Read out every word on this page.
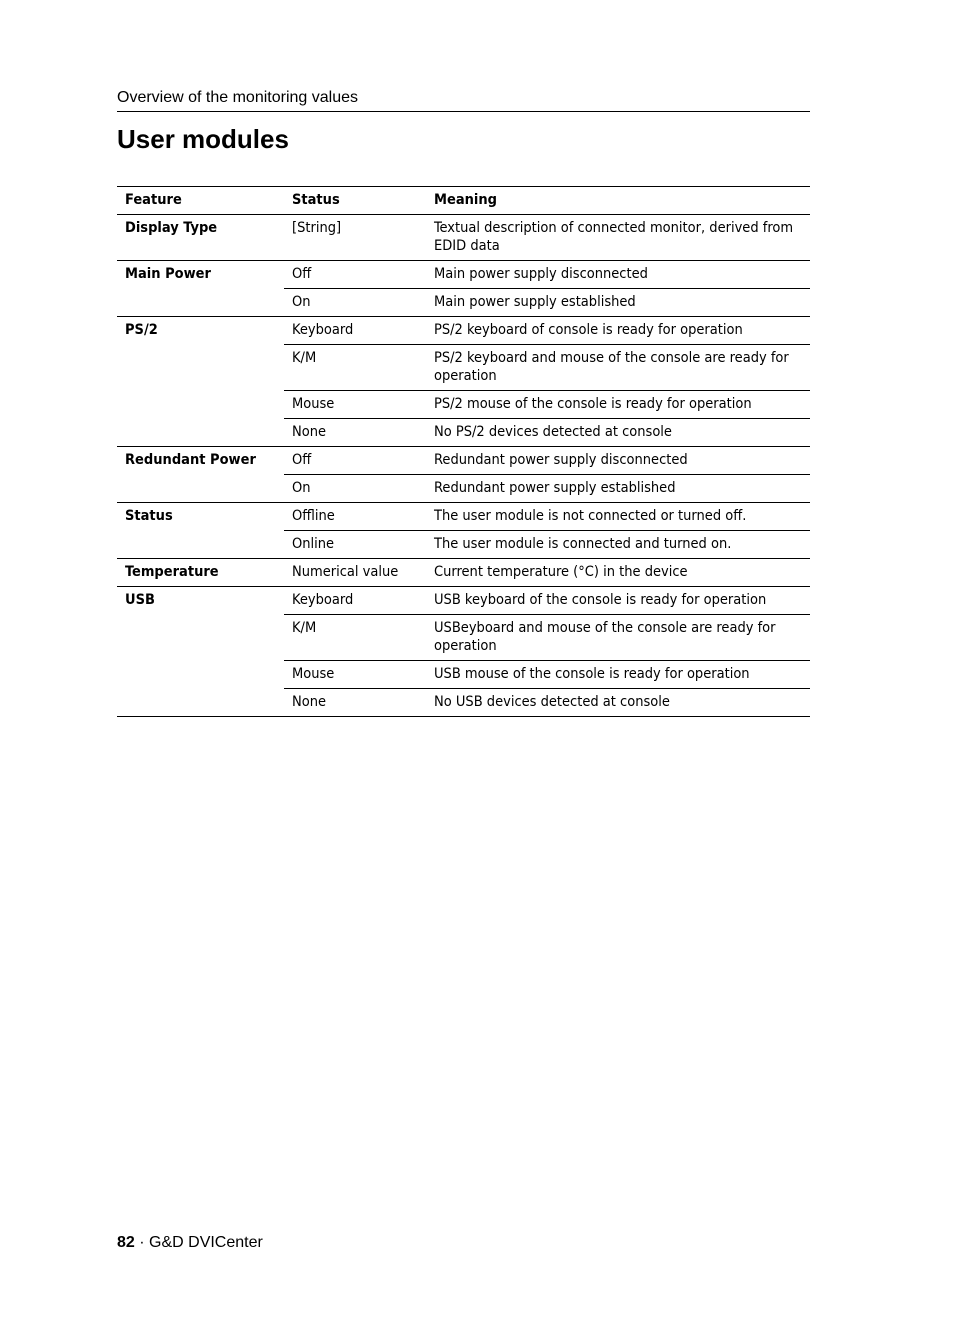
Overview of the monitoring values
User modules
Feature	Status	Meaning
Display Type	[String]	Textual description of connected monitor, derived from EDID data
Main Power	Off	Main power supply disconnected
	On	Main power supply established
PS/2	Keyboard	PS/2 keyboard of console is ready for operation
	K/M	PS/2 keyboard and mouse of the console are ready for operation
	Mouse	PS/2 mouse of the console is ready for operation
	None	No PS/2 devices detected at console
Redundant Power	Off	Redundant power supply disconnected
	On	Redundant power supply established
Status	Offline	The user module is not connected or turned off.
	Online	The user module is connected and turned on.
Temperature	Numerical value	Current temperature (°C) in the device
USB	Keyboard	USB keyboard of the console is ready for operation
	K/M	USBeyboard and mouse of the console are ready for operation
	Mouse	USB mouse of the console is ready for operation
	None	No USB devices detected at console
82 · G&D DVICenter
